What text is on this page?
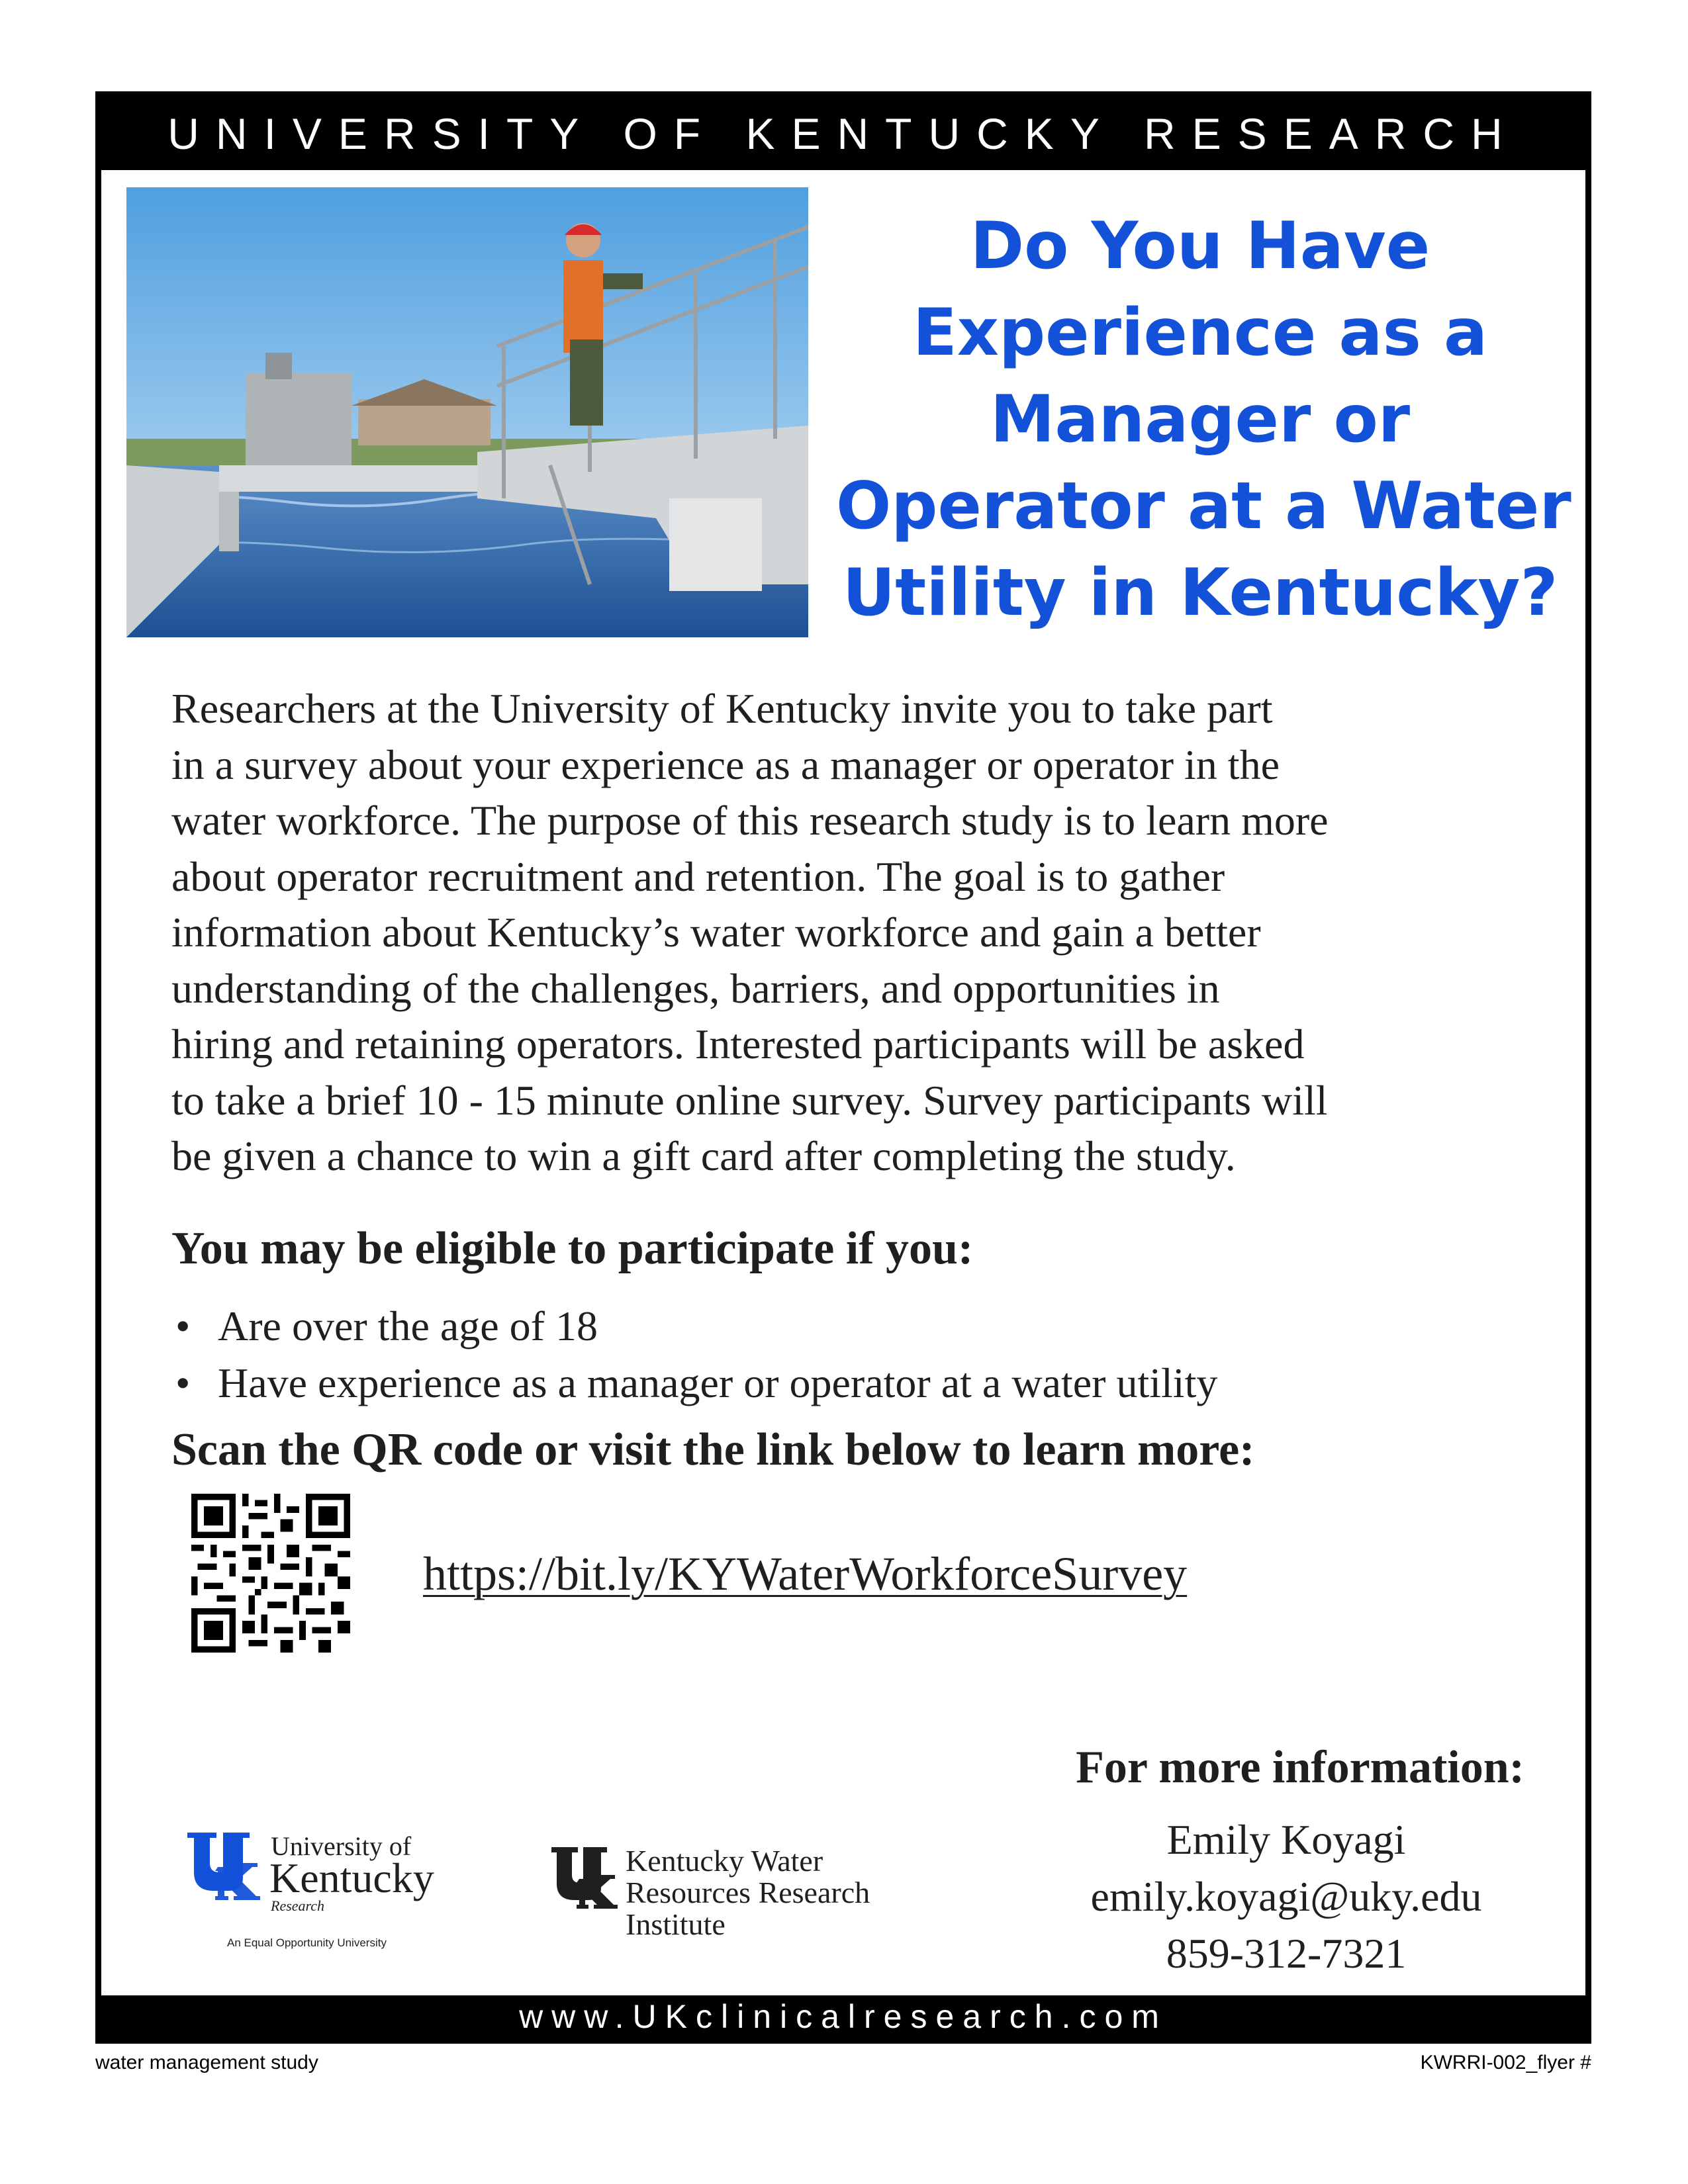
UNIVERSITY OF KENTUCKY RESEARCH
Do You Have
Experience as a
Manager or
Operator at a Water
Utility in Kentucky?
Researchers at the University of Kentucky invite you to take part
in a survey about your experience as a manager or operator in the
water workforce. The purpose of this research study is to learn more
about operator recruitment and retention. The goal is to gather
information about Kentucky’s water workforce and gain a better
understanding of the challenges, barriers, and opportunities in
hiring and retaining operators. Interested participants will be asked
to take a brief 10 - 15 minute online survey. Survey participants will
be given a chance to win a gift card after completing the study.
You may be eligible to participate if you:
• Are over the age of 18
• Have experience as a manager or operator at a water utility
Scan the QR code or visit the link below to learn more:
https://bit.ly/KYWaterWorkforceSurvey
For more information:
Emily Koyagi
emily.koyagi@uky.edu
859-312-7321
University of
Kentucky
Research
An Equal Opportunity University
Kentucky Water
Resources Research
Institute
www.UKclinicalresearch.com
water management study	KWRRI-002_flyer #
